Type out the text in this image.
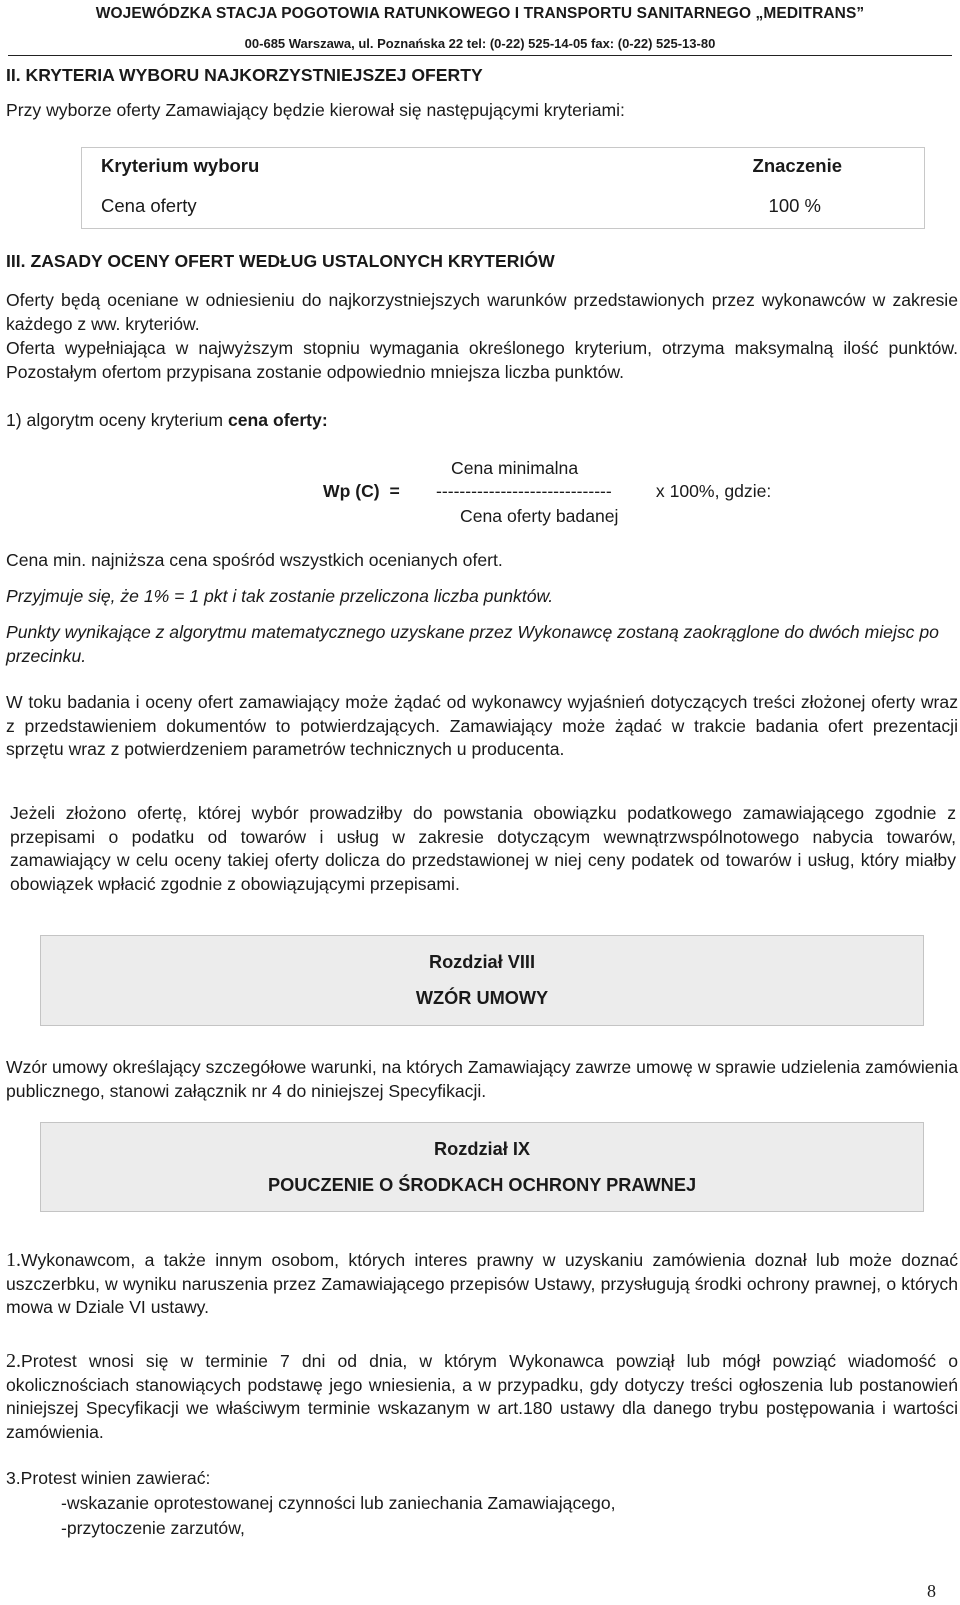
WOJEWÓDZKA STACJA POGOTOWIA RATUNKOWEGO I TRANSPORTU SANITARNEGO „MEDITRANS”
00-685 Warszawa, ul. Poznańska 22 tel: (0-22) 525-14-05 fax: (0-22) 525-13-80

II. KRYTERIA WYBORU NAJKORZYSTNIEJSZEJ OFERTY

Przy wyborze oferty Zamawiający będzie kierował się następującymi kryteriami:

Kryterium wyboru	Znaczenie
Cena oferty	100 %

III. ZASADY OCENY OFERT WEDŁUG USTALONYCH KRYTERIÓW

Oferty będą oceniane w odniesieniu do najkorzystniejszych warunków przedstawionych przez wykonawców w zakresie każdego z ww. kryteriów.

Oferta wypełniająca w najwyższym stopniu wymagania określonego kryterium, otrzyma maksymalną ilość punktów. Pozostałym ofertom przypisana zostanie odpowiednio mniejsza liczba punktów.

1) algorytm oceny kryterium cena oferty:

Cena minimalna
Wp (C)  = ------------------------------ x 100%, gdzie:
Cena oferty badanej

Cena min. najniższa cena spośród wszystkich ocenianych ofert.

Przyjmuje się, że 1% = 1 pkt i tak zostanie przeliczona liczba punktów.

Punkty wynikające z algorytmu matematycznego uzyskane przez Wykonawcę zostaną zaokrąglone do dwóch miejsc po przecinku.

W toku badania i oceny ofert zamawiający może żądać od wykonawcy wyjaśnień dotyczących treści złożonej oferty wraz z przedstawieniem dokumentów to potwierdzających. Zamawiający może żądać w trakcie badania ofert prezentacji sprzętu wraz z potwierdzeniem parametrów technicznych u producenta.

Jeżeli złożono ofertę, której wybór prowadziłby do powstania obowiązku podatkowego zamawiającego zgodnie z przepisami o podatku od towarów i usług w zakresie dotyczącym wewnątrzwspólnotowego nabycia towarów, zamawiający w celu oceny takiej oferty dolicza do przedstawionej w niej ceny podatek od towarów i usług, który miałby obowiązek wpłacić zgodnie z obowiązującymi przepisami.

Rozdział VIII
WZÓR UMOWY

Wzór umowy określający szczegółowe warunki, na których Zamawiający zawrze umowę w sprawie udzielenia zamówienia publicznego, stanowi załącznik nr 4 do niniejszej Specyfikacji.

Rozdział IX
POUCZENIE O ŚRODKACH OCHRONY PRAWNEJ

1.Wykonawcom, a także innym osobom, których interes prawny w uzyskaniu zamówienia doznał lub może doznać uszczerbku, w wyniku naruszenia przez Zamawiającego przepisów Ustawy, przysługują środki ochrony prawnej, o których mowa w Dziale VI ustawy.

2.Protest wnosi się w terminie 7 dni od dnia, w którym Wykonawca powziął lub mógł powziąć wiadomość o okolicznościach stanowiących podstawę jego wniesienia, a w przypadku, gdy dotyczy treści ogłoszenia lub postanowień niniejszej Specyfikacji we właściwym terminie wskazanym w art.180 ustawy dla danego trybu postępowania i wartości zamówienia.

3.Protest winien zawierać:

-wskazanie oprotestowanej czynności lub zaniechania Zamawiającego,

-przytoczenie zarzutów,

8
